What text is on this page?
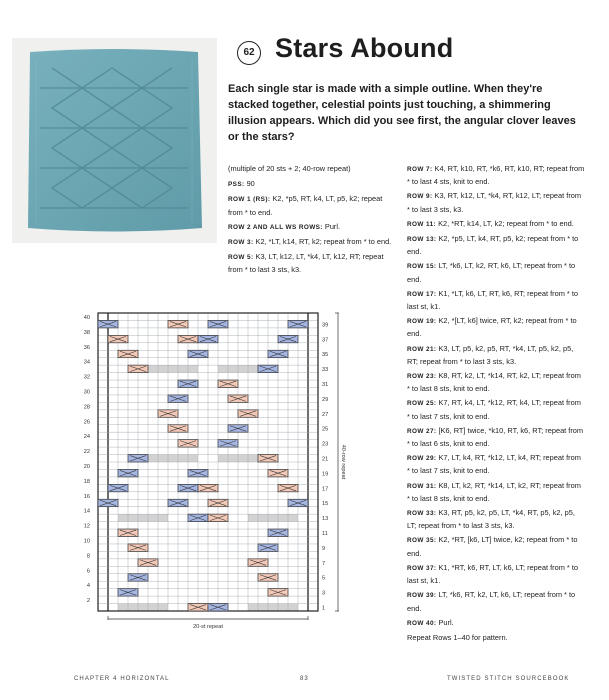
62 Stars Abound

Each single star is made with a simple outline. When they're stacked together, celestial points just touching, a shimmering illusion appears. Which did you see first, the angular clover leaves or the stars?

(multiple of 20 sts + 2; 40-row repeat)

PSS: 90

ROW 1 (RS): K2, *p5, RT, k4, LT, p5, k2; repeat from * to end.

ROW 2 AND ALL WS ROWS: Purl.

ROW 3: K2, *LT, k14, RT, k2; repeat from * to end.

ROW 5: K3, LT, k12, LT, *k4, LT, k12, RT; repeat from * to last 3 sts, k3.

ROW 7: K4, RT, k10, RT, *k6, RT, k10, RT; repeat from * to last 4 sts, knit to end.

ROW 9: K3, RT, k12, LT, *k4, RT, k12, LT; repeat from * to last 3 sts, k3.

ROW 11: K2, *RT, k14, LT, k2; repeat from * to end.

ROW 13: K2, *p5, LT, k4, RT, p5, k2; repeat from * to end.

ROW 15: LT, *k6, LT, k2, RT, k6, LT; repeat from * to end.

ROW 17: K1, *LT, k6, LT, RT, k6, RT; repeat from * to last st, k1.

ROW 19: K2, *[LT, k6] twice, RT, k2; repeat from * to end.

ROW 21: K3, LT, p5, k2, p5, RT, *k4, LT, p5, k2, p5, RT; repeat from * to last 3 sts, k3.

ROW 23: K8, RT, k2, LT, *k14, RT, k2, LT; repeat from * to last 8 sts, knit to end.

ROW 25: K7, RT, k4, LT, *k12, RT, k4, LT; repeat from * to last 7 sts, knit to end.

ROW 27: [K6, RT] twice, *k10, RT, k6, RT; repeat from * to last 6 sts, knit to end.

ROW 29: K7, LT, k4, RT, *k12, LT, k4, RT; repeat from * to last 7 sts, knit to end.

ROW 31: K8, LT, k2, RT, *k14, LT, k2, RT; repeat from * to last 8 sts, knit to end.

ROW 33: K3, RT, p5, k2, p5, LT, *k4, RT, p5, k2, p5, LT; repeat from * to last 3 sts, k3.

ROW 35: K2, *RT, [k6, LT] twice, k2; repeat from * to end.

ROW 37: K1, *RT, k6, RT, LT, k6, LT; repeat from * to last st, k1.

ROW 39: LT, *k6, RT, k2, LT, k6, LT; repeat from * to end.

ROW 40: Purl.

Repeat Rows 1–40 for pattern.

2
4
6
8
10
12
14
16
18
20
22
24
26
28
30
32
34
36
38
40
1
3
5
7
9
11
13
15
17
19
21
23
25
27
29
31
33
35
37
39
20-st repeat
40-row repeat
CHAPTER 4 HORIZONTAL	83	TWISTED STITCH SOURCEBOOK
